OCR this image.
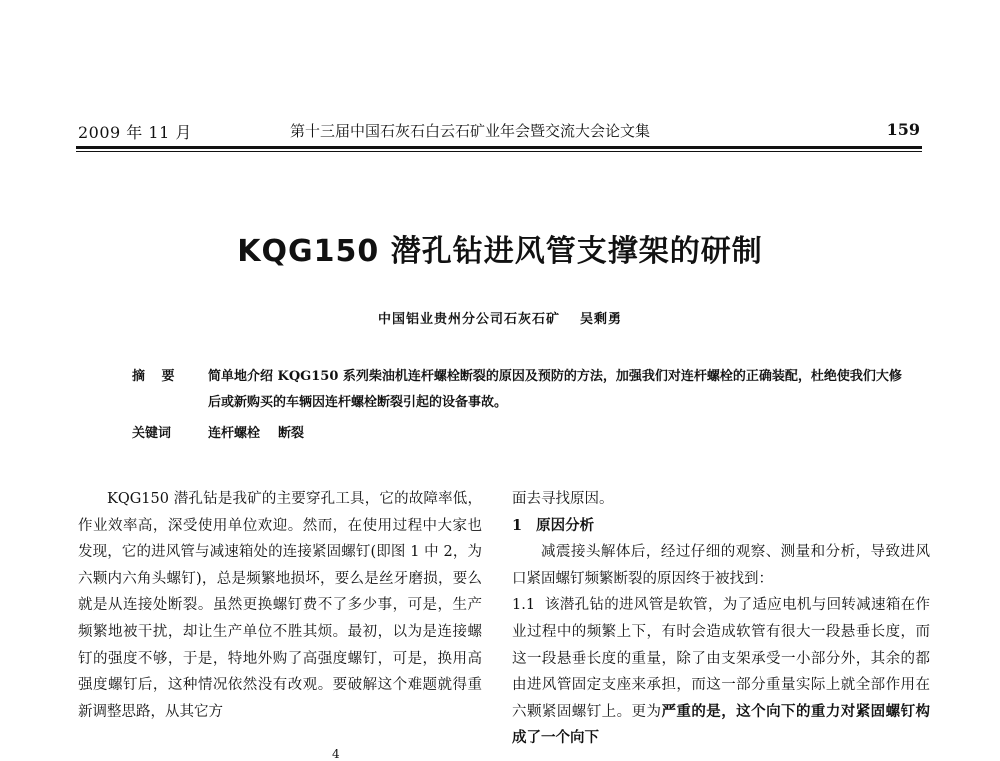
2009 年 11 月	第十三届中国石灰石白云石矿业年会暨交流大会论文集	159
KQG150 潜孔钻进风管支撑架的研制
中国铝业贵州分公司石灰石矿 吴剩勇
摘 要	简单地介绍 KQG150 系列柴油机连杆螺栓断裂的原因及预防的方法，加强我们对连杆螺栓的正确装配，杜绝使我们大修后或新购买的车辆因连杆螺栓断裂引起的设备事故。
关键词	连杆螺栓 断裂

KQG150 潜孔钻是我矿的主要穿孔工具，它的故障率低，作业效率高，深受使用单位欢迎。然而，在使用过程中大家也发现，它的进风管与减速箱处的连接紧固螺钉(即图 1 中 2，为六颗内六角头螺钉)，总是频繁地损坏，要么是丝牙磨损，要么就是从连接处断裂。虽然更换螺钉费不了多少事，可是，生产频繁地被干扰，却让生产单位不胜其烦。最初，以为是连接螺钉的强度不够，于是，特地外购了高强度螺钉，可是，换用高强度螺钉后，这种情况依然没有改观。要破解这个难题就得重新调整思路，从其它方

面去寻找原因。

1 原因分析

减震接头解体后，经过仔细的观察、测量和分析，导致进风口紧固螺钉频繁断裂的原因终于被找到：

1.1 该潜孔钻的进风管是软管，为了适应电机与回转减速箱在作业过程中的频繁上下，有时会造成软管有很大一段悬垂长度，而这一段悬垂长度的重量，除了由支架承受一小部分外，其余的都由进风管固定支座来承担，而这一部分重量实际上就全部作用在六颗紧固螺钉上。更为严重的是，这个向下的重力对紧固螺钉构成了一个向下

4
